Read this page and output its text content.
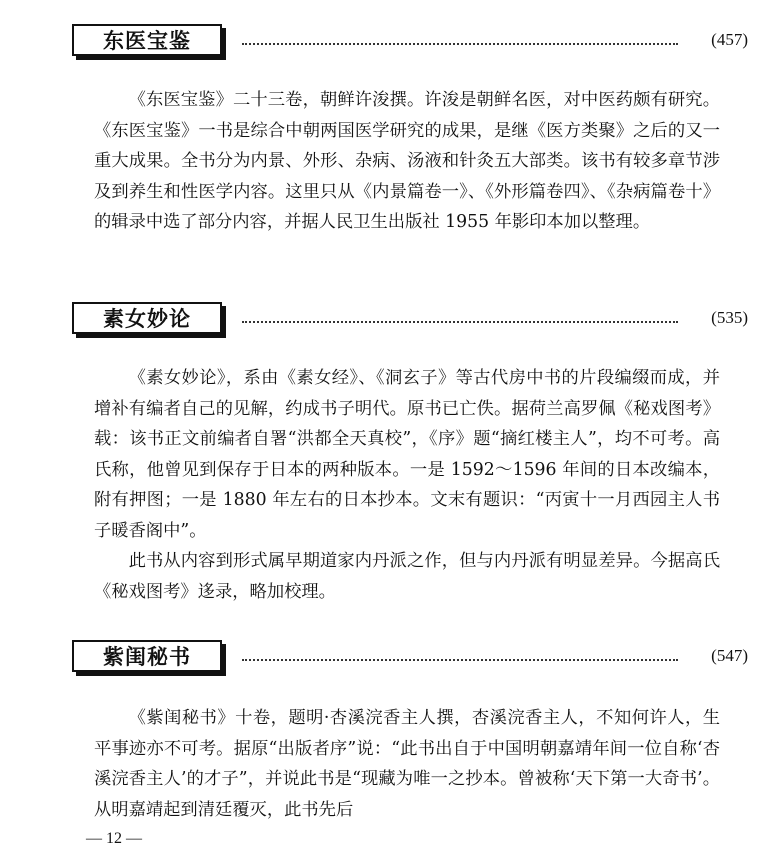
东医宝鉴	(457)

《东医宝鉴》二十三卷，朝鲜许浚撰。许浚是朝鲜名医，对中医药颇有研究。《东医宝鉴》一书是综合中朝两国医学研究的成果，是继《医方类聚》之后的又一重大成果。全书分为内景、外形、杂病、汤液和针灸五大部类。该书有较多章节涉及到养生和性医学内容。这里只从《内景篇卷一》、《外形篇卷四》、《杂病篇卷十》的辑录中选了部分内容，并据人民卫生出版社 1955 年影印本加以整理。

素女妙论	(535)

《素女妙论》，系由《素女经》、《洞玄子》等古代房中书的片段编缀而成，并增补有编者自己的见解，约成书子明代。原书已亡佚。据荷兰高罗佩《秘戏图考》载：该书正文前编者自署“洪都全天真校”，《序》题“摘红楼主人”，均不可考。高氏称，他曾见到保存于日本的两种版本。一是 1592～1596 年间的日本改编本，附有押图；一是 1880 年左右的日本抄本。文末有题识：“丙寅十一月西园主人书子暖香阁中”。

此书从内容到形式属早期道家内丹派之作，但与内丹派有明显差异。今据高氏《秘戏图考》迻录，略加校理。

紫闺秘书	(547)

《紫闺秘书》十卷，题明·杏溪浣香主人撰，杏溪浣香主人，不知何许人，生平事迹亦不可考。据原“出版者序”说：“此书出自于中国明朝嘉靖年间一位自称‘杏溪浣香主人’的才子”，并说此书是“现藏为唯一之抄本。曾被称‘天下第一大奇书’。从明嘉靖起到清廷覆灭，此书先后

— 12 —
